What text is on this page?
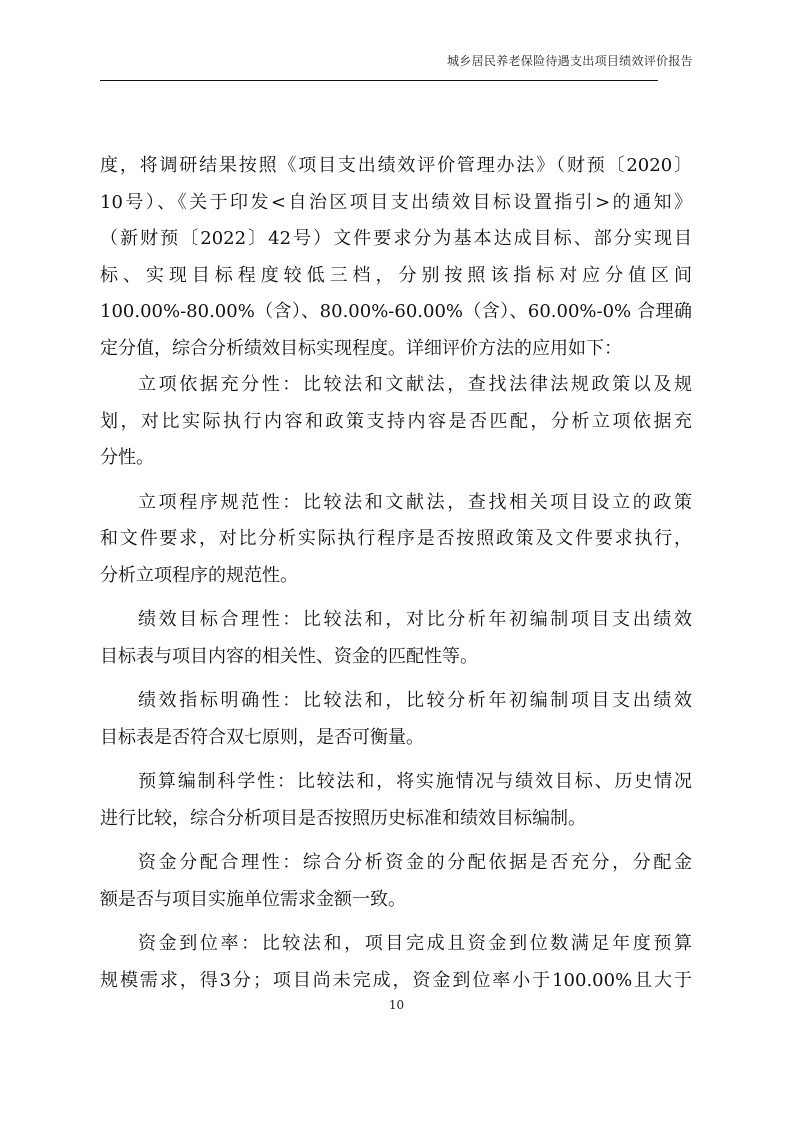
城乡居民养老保险待遇支出项目绩效评价报告
度，将调研结果按照《项目支出绩效评价管理办法》（财预〔2020〕
10号）、《关于印发<自治区项目支出绩效目标设置指引>的通知》
（新财预〔2022〕42号）文件要求分为基本达成目标、部分实现目
标、实现目标程度较低三档，分别按照该指标对应分值区间
100.00%-80.00%（含）、80.00%-60.00%（含）、60.00%-0% 合理确
定分值，综合分析绩效目标实现程度。详细评价方法的应用如下：
立项依据充分性：比较法和文献法，查找法律法规政策以及规
划，对比实际执行内容和政策支持内容是否匹配，分析立项依据充
分性。
立项程序规范性：比较法和文献法，查找相关项目设立的政策
和文件要求，对比分析实际执行程序是否按照政策及文件要求执行，
分析立项程序的规范性。
绩效目标合理性：比较法和，对比分析年初编制项目支出绩效
目标表与项目内容的相关性、资金的匹配性等。
绩效指标明确性：比较法和，比较分析年初编制项目支出绩效
目标表是否符合双七原则，是否可衡量。
预算编制科学性：比较法和，将实施情况与绩效目标、历史情况
进行比较，综合分析项目是否按照历史标准和绩效目标编制。
资金分配合理性：综合分析资金的分配依据是否充分，分配金
额是否与项目实施单位需求金额一致。
资金到位率：比较法和，项目完成且资金到位数满足年度预算
规模需求，得3分；项目尚未完成，资金到位率小于100.00%且大于
10
